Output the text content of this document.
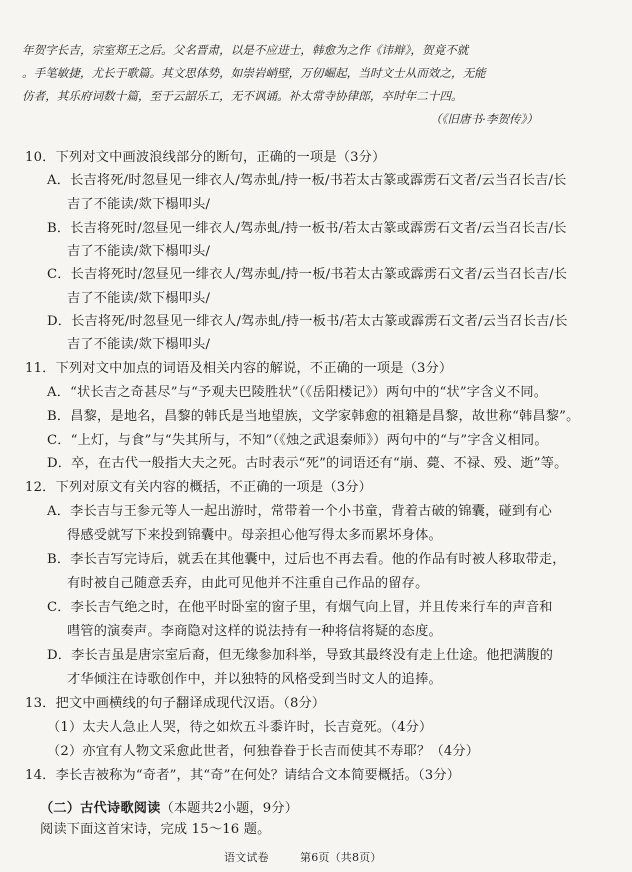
年贺字长吉，宗室郑王之后。父名晋肃，以是不应进士，韩愈为之作《讳辩》，贺竟不就
。手笔敏捷，尤长于歌篇。其文思体势，如崇岩峭壁，万仞崛起，当时文士从而效之，无能
仿者，其乐府词数十篇，至于云韶乐工，无不讽诵。补太常寺协律郎，卒时年二十四。
（《旧唐书·李贺传》）
10．下列对文中画波浪线部分的断句，正确的一项是（3分）
A．长吉将死/时忽昼见一绯衣人/驾赤虬/持一板/书若太古篆或霹雳石文者/云当召长吉/长
吉了不能读/欻下榻叩头/
B．长吉将死时/忽昼见一绯衣人/驾赤虬/持一板书/若太古篆或霹雳石文者/云当召长吉/长
吉了不能读/欻下榻叩头/
C．长吉将死时/忽昼见一绯衣人/驾赤虬/持一板/书若太古篆或霹雳石文者/云当召长吉/长
吉了不能读/欻下榻叩头/
D．长吉将死/时忽昼见一绯衣人/驾赤虬/持一板书/若太古篆或霹雳石文者/云当召长吉/长
吉了不能读/欻下榻叩头/
11．下列对文中加点的词语及相关内容的解说，不正确的一项是（3分）
A．“状长吉之奇甚尽”与“予观夫巴陵胜状”（《岳阳楼记》）两句中的“状”字含义不同。
B．昌黎，是地名，昌黎的韩氏是当地望族，文学家韩愈的祖籍是昌黎，故世称“韩昌黎”。
C．“上灯，与食”与“失其所与，不知”（《烛之武退秦师》）两句中的“与”字含义相同。
D．卒，在古代一般指大夫之死。古时表示“死”的词语还有“崩、薨、不禄、殁、逝”等。
12．下列对原文有关内容的概括，不正确的一项是（3分）
A．李长吉与王参元等人一起出游时，常带着一个小书童，背着古破的锦囊，碰到有心
得感受就写下来投到锦囊中。母亲担心他写得太多而累坏身体。
B．李长吉写完诗后，就丢在其他囊中，过后也不再去看。他的作品有时被人移取带走，
有时被自己随意丢弃，由此可见他并不注重自己作品的留存。
C．李长吉气绝之时，在他平时卧室的窗子里，有烟气向上冒，并且传来行车的声音和
嘒管的演奏声。李商隐对这样的说法持有一种将信将疑的态度。
D．李长吉虽是唐宗室后裔，但无缘参加科举，导致其最终没有走上仕途。他把满腹的
才华倾注在诗歌创作中，并以独特的风格受到当时文人的追捧。
13．把文中画横线的句子翻译成现代汉语。（8分）
（1）太夫人急止人哭，待之如炊五斗黍许时，长吉竟死。（4分）
（2）亦宜有人物文采愈此世者，何独眷眷于长吉而使其不寿耶？（4分）
14．李长吉被称为“奇者”，其“奇”在何处？请结合文本简要概括。（3分）
（二）古代诗歌阅读（本题共2小题，9分）
阅读下面这首宋诗，完成 15～16 题。
语文试卷	第6页（共8页）
